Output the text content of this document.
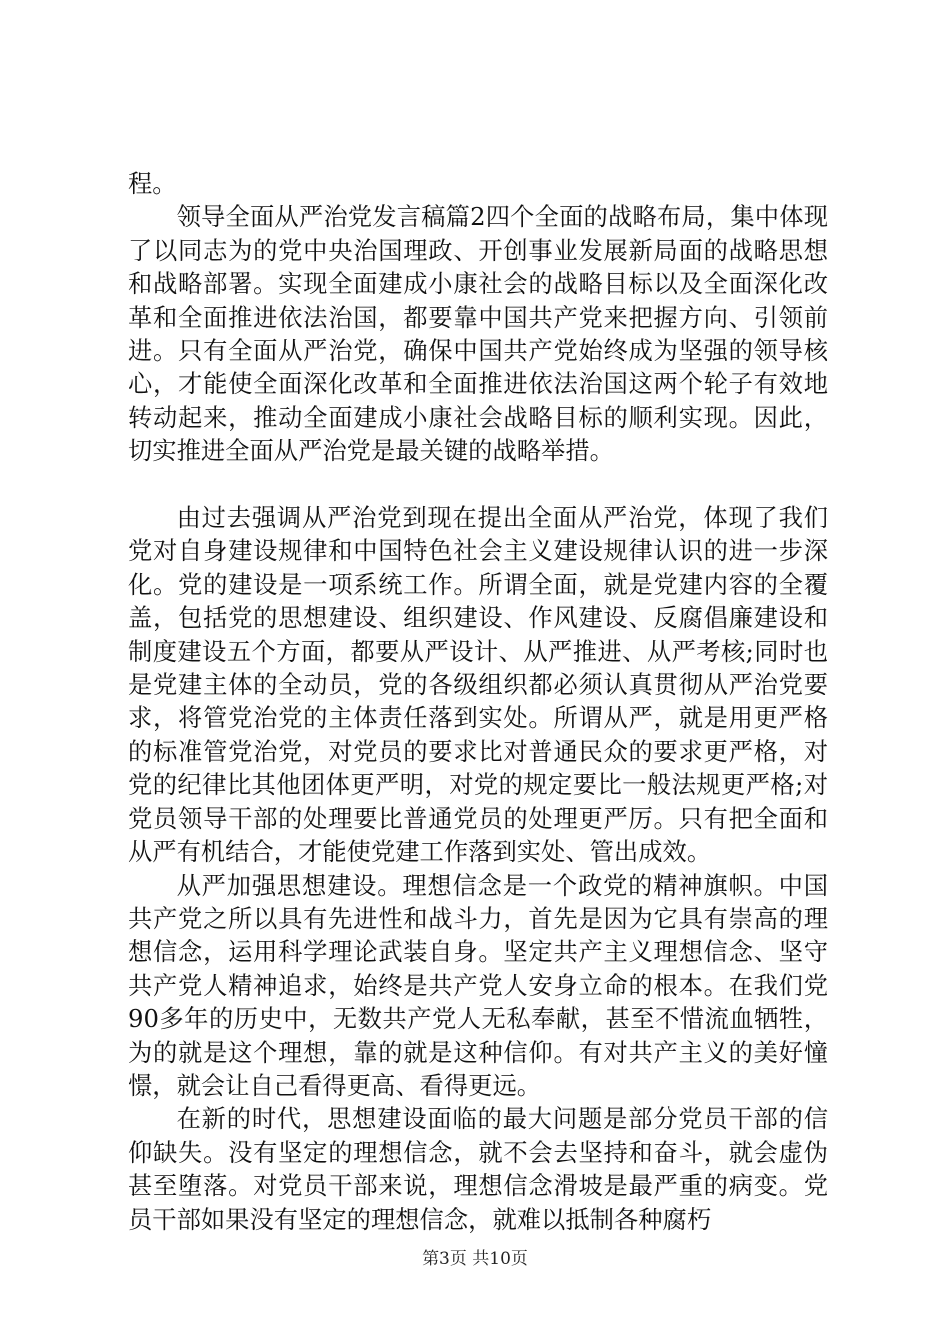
程。

领导全面从严治党发言稿篇2四个全面的战略布局，集中体现了以同志为的党中央治国理政、开创事业发展新局面的战略思想和战略部署。实现全面建成小康社会的战略目标以及全面深化改革和全面推进依法治国，都要靠中国共产党来把握方向、引领前进。只有全面从严治党，确保中国共产党始终成为坚强的领导核心，才能使全面深化改革和全面推进依法治国这两个轮子有效地转动起来，推动全面建成小康社会战略目标的顺利实现。因此，切实推进全面从严治党是最关键的战略举措。

由过去强调从严治党到现在提出全面从严治党，体现了我们党对自身建设规律和中国特色社会主义建设规律认识的进一步深化。党的建设是一项系统工作。所谓全面，就是党建内容的全覆盖，包括党的思想建设、组织建设、作风建设、反腐倡廉建设和制度建设五个方面，都要从严设计、从严推进、从严考核;同时也是党建主体的全动员，党的各级组织都必须认真贯彻从严治党要求，将管党治党的主体责任落到实处。所谓从严，就是用更严格的标准管党治党，对党员的要求比对普通民众的要求更严格，对党的纪律比其他团体更严明，对党的规定要比一般法规更严格;对党员领导干部的处理要比普通党员的处理更严厉。只有把全面和从严有机结合，才能使党建工作落到实处、管出成效。

从严加强思想建设。理想信念是一个政党的精神旗帜。中国共产党之所以具有先进性和战斗力，首先是因为它具有崇高的理想信念，运用科学理论武装自身。坚定共产主义理想信念、坚守共产党人精神追求，始终是共产党人安身立命的根本。在我们党90多年的历史中，无数共产党人无私奉献，甚至不惜流血牺牲，为的就是这个理想，靠的就是这种信仰。有对共产主义的美好憧憬，就会让自己看得更高、看得更远。

在新的时代，思想建设面临的最大问题是部分党员干部的信仰缺失。没有坚定的理想信念，就不会去坚持和奋斗，就会虚伪甚至堕落。对党员干部来说，理想信念滑坡是最严重的病变。党员干部如果没有坚定的理想信念，就难以抵制各种腐朽

第3页 共10页
